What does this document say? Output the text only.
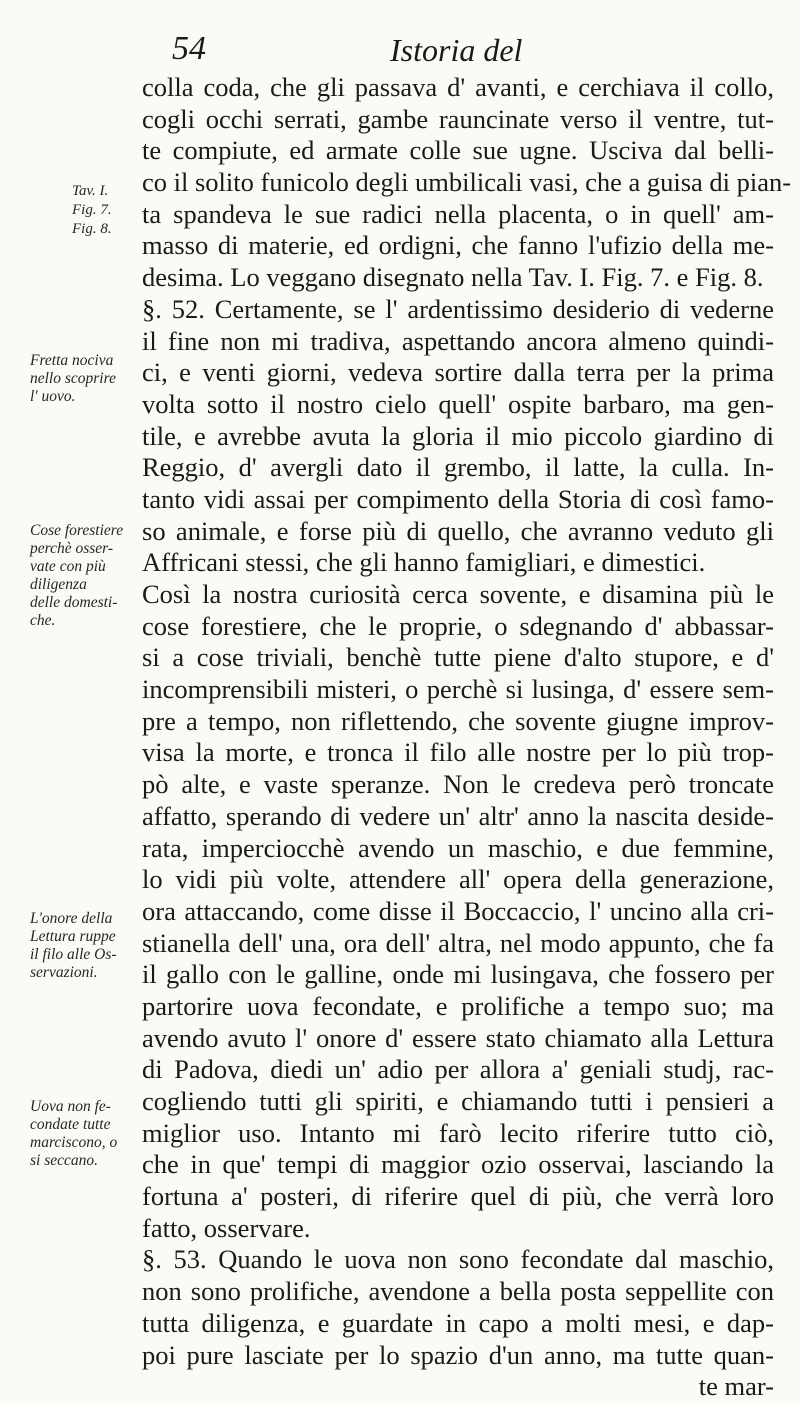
54	Istoria del
colla coda, che gli passava d' avanti, e cerchiava il collo,
cogli occhi serrati, gambe rauncinate verso il ventre, tut-
te compiute, ed armate colle sue ugne. Usciva dal belli-
co il solito funicolo degli umbilicali vasi, che a guisa di pian-
ta spandeva le sue radici nella placenta, o in quell' am-
masso di materie, ed ordigni, che fanno l'ufizio della me-
desima. Lo veggano disegnato nella Tav. I. Fig. 7. e Fig. 8.
§. 52. Certamente, se l' ardentissimo desiderio di vederne
il fine non mi tradiva, aspettando ancora almeno quindi-
ci, e venti giorni, vedeva sortire dalla terra per la prima
volta sotto il nostro cielo quell' ospite barbaro, ma gen-
tile, e avrebbe avuta la gloria il mio piccolo giardino di
Reggio, d' avergli dato il grembo, il latte, la culla. In-
tanto vidi assai per compimento della Storia di così famo-
so animale, e forse più di quello, che avranno veduto gli
Affricani stessi, che gli hanno famigliari, e dimestici.
Così la nostra curiosità cerca sovente, e disamina più le
cose forestiere, che le proprie, o sdegnando d' abbassar-
si a cose triviali, benchè tutte piene d'alto stupore, e d'
incomprensibili misteri, o perchè si lusinga, d' essere sem-
pre a tempo, non riflettendo, che sovente giugne improv-
visa la morte, e tronca il filo alle nostre per lo più trop-
pò alte, e vaste speranze. Non le credeva però troncate
affatto, sperando di vedere un' altr' anno la nascita deside-
rata, imperciocchè avendo un maschio, e due femmine,
lo vidi più volte, attendere all' opera della generazione,
ora attaccando, come disse il Boccaccio, l' uncino alla cri-
stianella dell' una, ora dell' altra, nel modo appunto, che fa
il gallo con le galline, onde mi lusingava, che fossero per
partorire uova fecondate, e prolifiche a tempo suo; ma
avendo avuto l' onore d' essere stato chiamato alla Lettura
di Padova, diedi un' adio per allora a' geniali studj, rac-
cogliendo tutti gli spiriti, e chiamando tutti i pensieri a
miglior uso. Intanto mi farò lecito riferire tutto ciò,
che in que' tempi di maggior ozio osservai, lasciando la
fortuna a' posteri, di riferire quel di più, che verrà loro
fatto, osservare.
§. 53. Quando le uova non sono fecondate dal maschio,
non sono prolifiche, avendone a bella posta seppellite con
tutta diligenza, e guardate in capo a molti mesi, e dap-
poi pure lasciate per lo spazio d'un anno, ma tutte quan-
te mar-
Tav. I.
Fig. 7.
Fig. 8.
Fretta nociva
nello scoprire
l' uovo.
Cose forestiere
perchè osser-
vate con più
diligenza
delle domesti-
che.
L'onore della
Lettura ruppe
il filo alle Os-
servazioni.
Uova non fe-
condate tutte
marciscono, o
si seccano.
